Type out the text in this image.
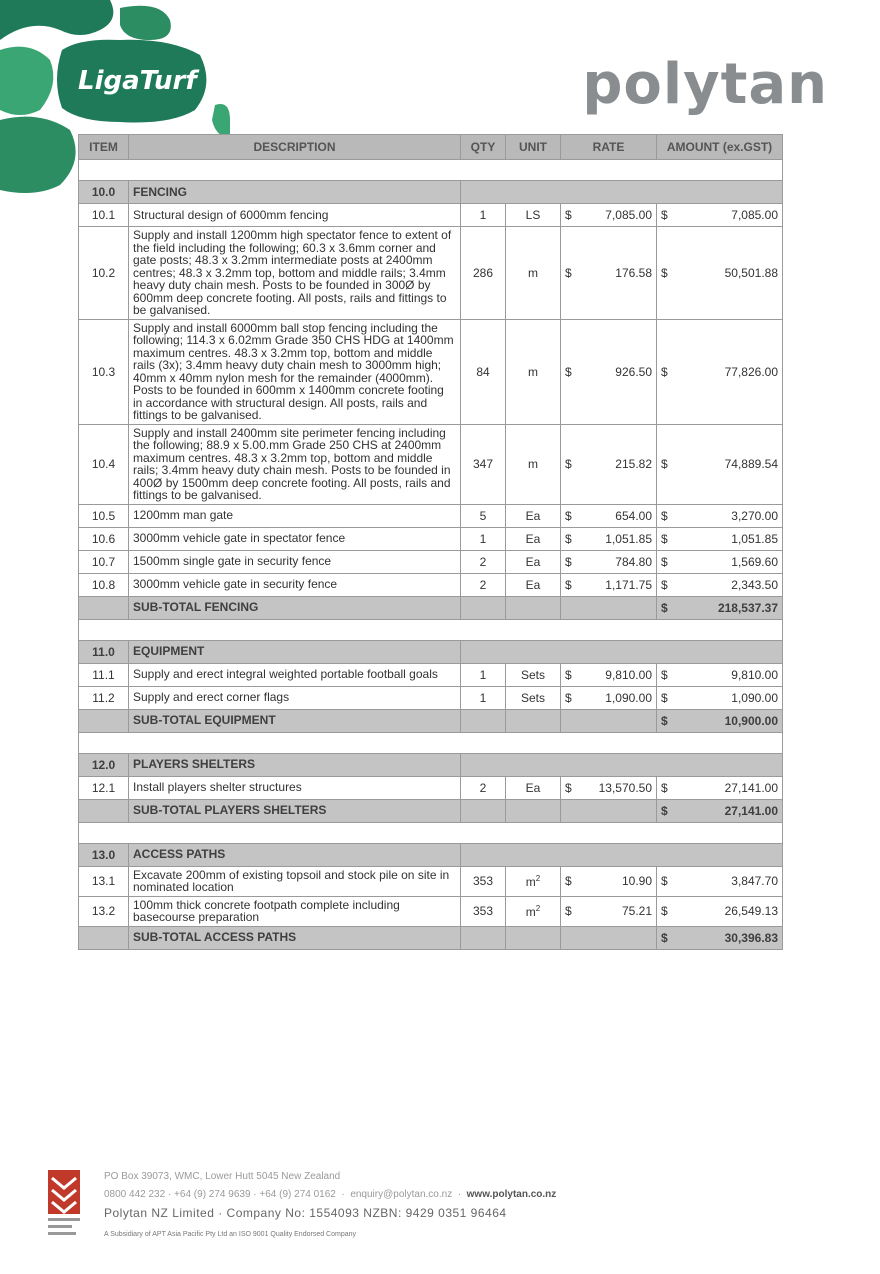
LigaTurf	polytan
ITEM	DESCRIPTION	QTY	UNIT	RATE		AMOUNT (ex.GST)	

10.0	FENCING						
10.1	Structural design of 6000mm fencing	1	LS	$	7,085.00	$	7,085.00
10.2	Supply and install 1200mm high spectator fence to extent of the field including the following; 60.3 x 3.6mm corner and gate posts; 48.3 x 3.2mm intermediate posts at 2400mm centres; 48.3 x 3.2mm top, bottom and middle rails; 3.4mm heavy duty chain mesh. Posts to be founded in 300Ø by 600mm deep concrete footing. All posts, rails and fittings to be galvanised.	286	m	$	176.58	$	50,501.88
10.3	Supply and install 6000mm ball stop fencing including the following; 114.3 x 6.02mm Grade 350 CHS HDG at 1400mm maximum centres. 48.3 x 3.2mm top, bottom and middle rails (3x); 3.4mm heavy duty chain mesh to 3000mm high; 40mm x 40mm nylon mesh for the remainder (4000mm). Posts to be founded in 600mm x 1400mm concrete footing in accordance with structural design. All posts, rails and fittings to be galvanised.	84	m	$	926.50	$	77,826.00
10.4	Supply and install 2400mm site perimeter fencing including the following; 88.9 x 5.00.mm Grade 250 CHS at 2400mm maximum centres. 48.3 x 3.2mm top, bottom and middle rails; 3.4mm heavy duty chain mesh. Posts to be founded in 400Ø by 1500mm deep concrete footing. All posts, rails and fittings to be galvanised.	347	m	$	215.82	$	74,889.54
10.5	1200mm man gate	5	Ea	$	654.00	$	3,270.00
10.6	3000mm vehicle gate in spectator fence	1	Ea	$	1,051.85	$	1,051.85
10.7	1500mm single gate in security fence	2	Ea	$	784.80	$	1,569.60
10.8	3000mm vehicle gate in security fence	2	Ea	$	1,171.75	$	2,343.50
	SUB-TOTAL FENCING					$	218,537.37

11.0	EQUIPMENT						
11.1	Supply and erect integral weighted portable football goals	1	Sets	$	9,810.00	$	9,810.00
11.2	Supply and erect corner flags	1	Sets	$	1,090.00	$	1,090.00
	SUB-TOTAL EQUIPMENT					$	10,900.00

12.0	PLAYERS SHELTERS						
12.1	Install players shelter structures	2	Ea	$	13,570.50	$	27,141.00
	SUB-TOTAL PLAYERS SHELTERS					$	27,141.00

13.0	ACCESS PATHS						
13.1	Excavate 200mm of existing topsoil and stock pile on site in nominated location	353	$m^2$	$	10.90	$	3,847.70
13.2	100mm thick concrete footpath complete including basecourse preparation	353	$m^2$	$	75.21	$	26,549.13
	SUB-TOTAL ACCESS PATHS					$	30,396.83
PO Box 39073, WMC, Lower Hutt 5045 New Zealand
0800 442 232 · +64 (9) 274 9639 · +64 (9) 274 0162  ·  enquiry@polytan.co.nz  ·  www.polytan.co.nz
Polytan NZ Limited · Company No: 1554093 NZBN: 9429 0351 96464
A Subsidiary of APT Asia Pacific Pty Ltd an ISO 9001 Quality Endorsed Company
